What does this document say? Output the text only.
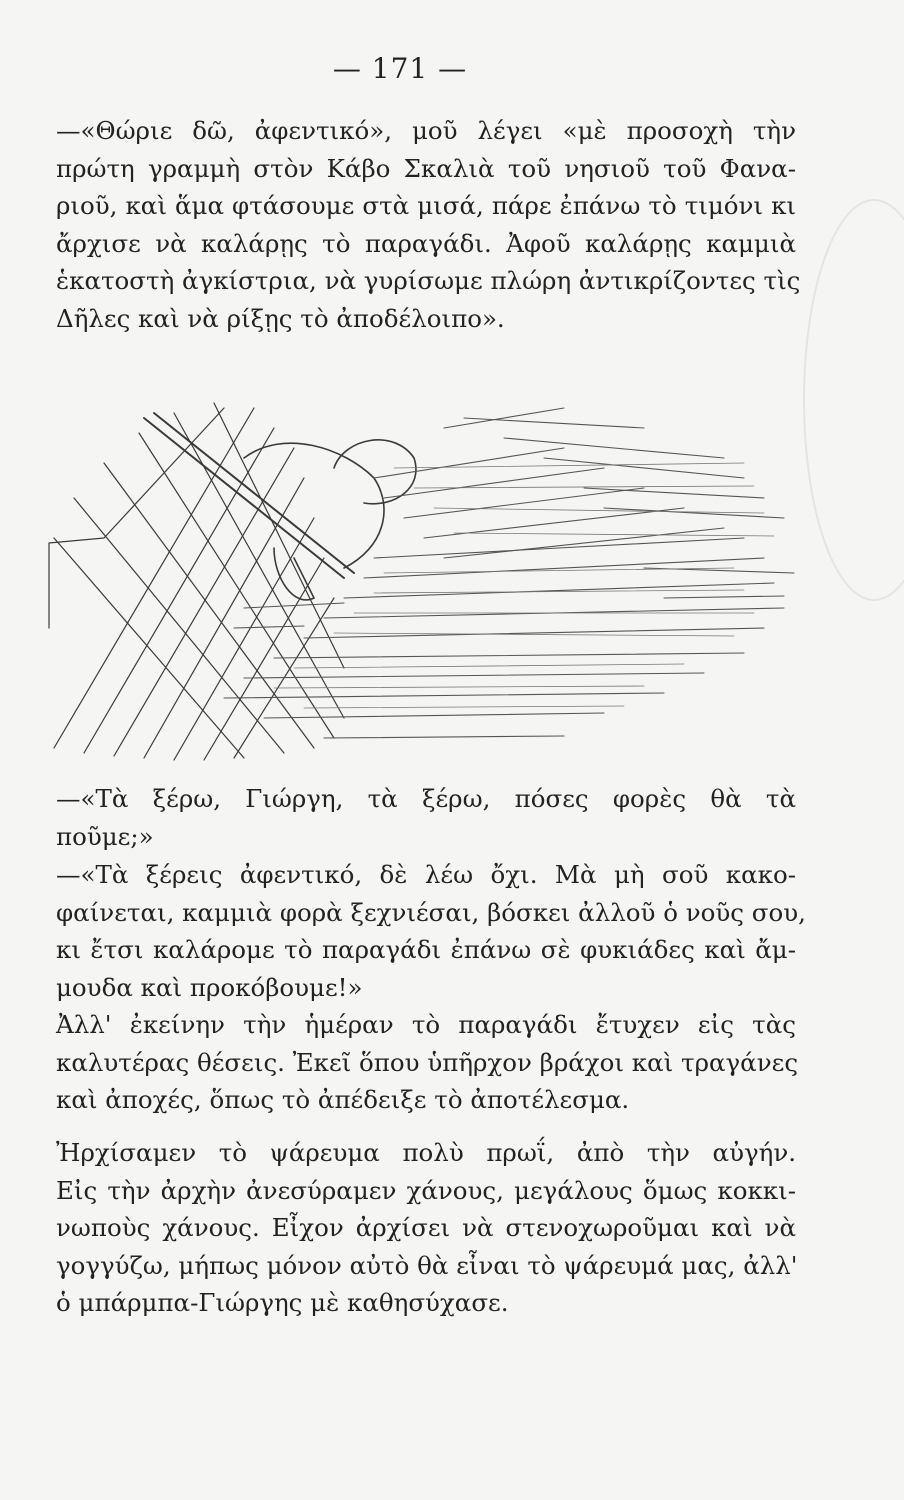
— 171 —
—«Θώριε δῶ, ἀφεντικό», μοῦ λέγει «μὲ προσοχὴ τὴν
πρώτη γραμμὴ στὸν Κάβο Σκαλιὰ τοῦ νησιοῦ τοῦ Φανα-
ριοῦ, καὶ ἅμα φτάσουμε στὰ μισά, πάρε ἐπάνω τὸ τιμόνι κι
ἄρχισε νὰ καλάρῃς τὸ παραγάδι. Ἀφοῦ καλάρῃς καμμιὰ
ἑκατοστὴ ἀγκίστρια, νὰ γυρίσωμε πλώρη ἀντικρίζοντες τὶς
Δῆλες καὶ νὰ ρίξῃς τὸ ἀποδέλοιπο».
—«Τὰ ξέρω, Γιώργη, τὰ ξέρω, πόσες φορὲς θὰ τὰ
ποῦμε;»
—«Τὰ ξέρεις ἀφεντικό, δὲ λέω ὄχι. Μὰ μὴ σοῦ κακο-
φαίνεται, καμμιὰ φορὰ ξεχνιέσαι, βόσκει ἀλλοῦ ὁ νοῦς σου,
κι ἔτσι καλάρομε τὸ παραγάδι ἐπάνω σὲ φυκιάδες καὶ ἄμ-
μουδα καὶ προκόβουμε!»
Ἀλλ' ἐκείνην τὴν ἡμέραν τὸ παραγάδι ἔτυχεν εἰς τὰς
καλυτέρας θέσεις. Ἐκεῖ ὅπου ὑπῆρχον βράχοι καὶ τραγάνες
καὶ ἀποχές, ὅπως τὸ ἀπέδειξε τὸ ἀποτέλεσμα.
Ἠρχίσαμεν τὸ ψάρευμα πολὺ πρωΐ, ἀπὸ τὴν αὐγήν.
Εἰς τὴν ἀρχὴν ἀνεσύραμεν χάνους, μεγάλους ὅμως κοκκι-
νωποὺς χάνους. Εἶχον ἀρχίσει νὰ στενοχωροῦμαι καὶ νὰ
γογγύζω, μήπως μόνον αὐτὸ θὰ εἶναι τὸ ψάρευμά μας, ἀλλ'
ὁ μπάρμπα-Γιώργης μὲ καθησύχασε.
